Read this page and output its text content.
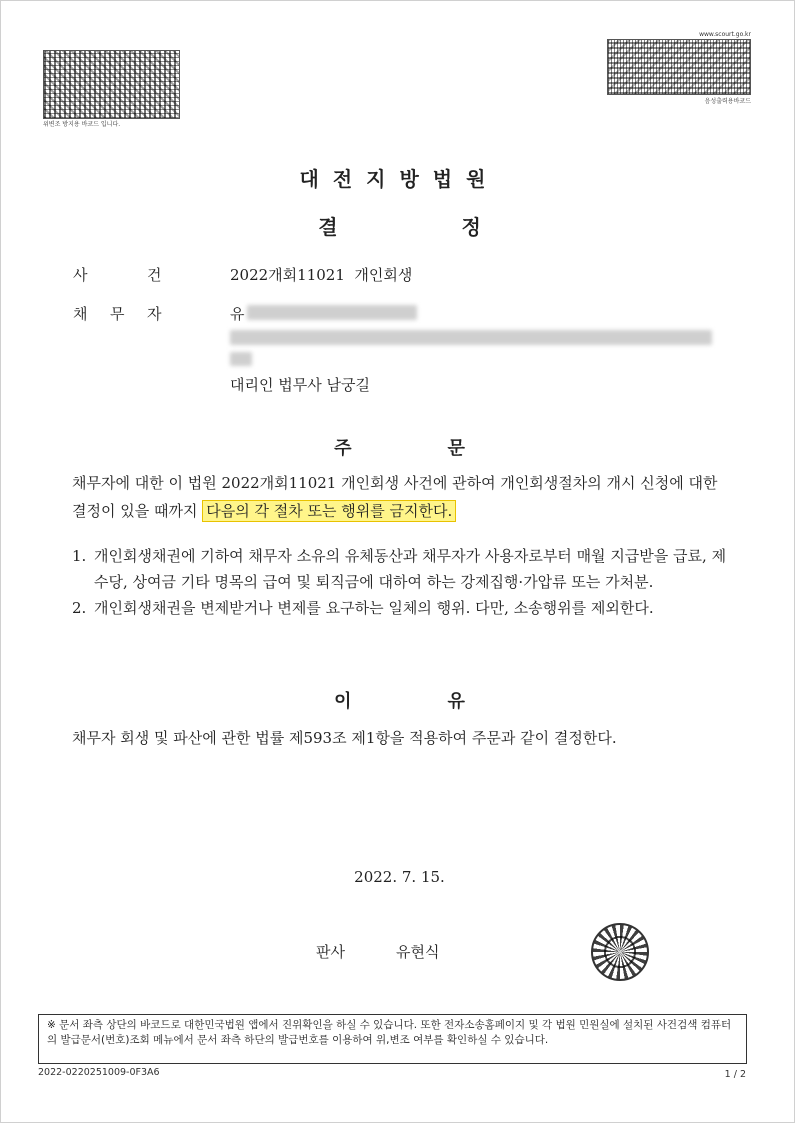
위변조 방지용 바코드 입니다.
www.scourt.go.kr
음성출력용바코드
대전지방법원
결	정
사	건	2022개회11021  개인회생
채 무 자	유
대리인 법무사 남궁길
주	문
채무자에 대한 이 법원 2022개회11021 개인회생 사건에 관하여 개인회생절차의 개시 신청에 대한 결정이 있을 때까지 다음의 각 절차 또는 행위를 금지한다.
1. 개인회생채권에 기하여 채무자 소유의 유체동산과 채무자가 사용자로부터 매월 지급받을 급료, 제수당, 상여금 기타 명목의 급여 및 퇴직금에 대하여 하는 강제집행·가압류 또는 가처분.
2. 개인회생채권을 변제받거나 변제를 요구하는 일체의 행위. 다만, 소송행위를 제외한다.
이	유
채무자 회생 및 파산에 관한 법률 제593조 제1항을 적용하여 주문과 같이 결정한다.
2022. 7. 15.
판사	유현식
※ 문서 좌측 상단의 바코드로 대한민국법원 앱에서 진위확인을 하실 수 있습니다. 또한 전자소송홈페이지 및 각 법원 민원실에 설치된 사건검색 컴퓨터의 발급문서(번호)조회 메뉴에서 문서 좌측 하단의 발급번호를 이용하여 위,변조 여부를 확인하실 수 있습니다.
2022-0220251009-0F3A6	1 / 2
